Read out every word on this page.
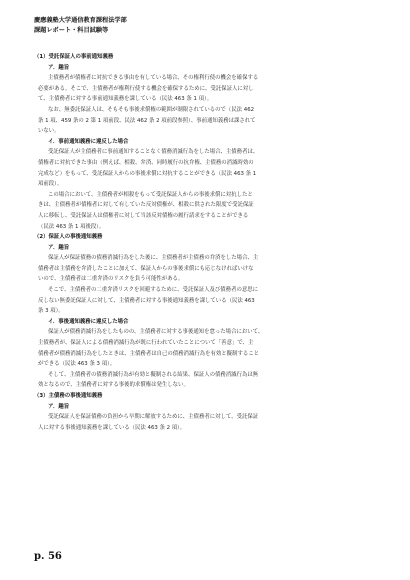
慶應義塾大学通信教育課程法学部
課題レポート・科目試験等
（1）受託保証人の事前通知義務
ア．趣旨
主債務者が債権者に対抗できる事由を有している場合、その権利行使の機会を確保する
必要がある。そこで、主債務者が権利行使する機会を確保するために、受託保証人に対し
て、主債務者に対する事前通知義務を課している（民法 463 条 1 項）。
なお、無委託保証人は、そもそも事後求償権の範囲が制限されているので（民法 462
条 1 項、459 条の 2 第 1 項前段、民法 462 条 2 項前段参照）、事前通知義務は課されて
いない。
イ．事前通知義務に違反した場合
受託保証人が主債務者に事前通知することなく債務消滅行為をした場合、主債務者は、
債権者に対抗できた事由（例えば、相殺、弁済、同時履行の抗弁権、主債務の消滅時効の
完成など）をもって、受託保証人からの事後求償に対抗することができる（民法 463 条 1
項前段）。
この場合において、主債務者が相殺をもって受託保証人からの事後求償に対抗したと
きは、主債務者が債権者に対して有していた反対債権が、相殺に供された限度で受託保証
人に移転し、受託保証人は債権者に対して当該反対債権の履行請求をすることができる
（民法 463 条 1 項後段）。
（2）保証人の事後通知義務
ア．趣旨
保証人が保証債務の債務消滅行為をした後に、主債務者が主債務の弁済をした場合、主
債務者は主債務を弁済したことに加えて、保証人からの事後求償にも応じなければいけな
いので、主債務者は二重弁済のリスクを負う可能性がある。
そこで、主債務者の二重弁済リスクを回避するために、受託保証人及び債務者の意思に
反しない無委託保証人に対して、主債務者に対する事後通知義務を課している（民法 463
条 3 項）。
イ．事後通知義務に違反した場合
保証人が債務消滅行為をしたものの、主債務者に対する事後通知を怠った場合において、
主債務者が、保証人による債務消滅行為が既に行われていたことについて「善意」で、主
債務者が債務消滅行為をしたときは、主債務者は自己の債務消滅行為を有効と擬制すること
ができる（民法 463 条 3 項）。
そして、主債務者の債務消滅行為が有効と擬制される結果、保証人の債務消滅行為は無
効となるので、主債務者に対する事後的求償権は発生しない。
（3）主債務の事後通知義務
ア．趣旨
受託保証人を保証債務の負担から早期に解放するために、主債務者に対して、受託保証
人に対する事後通知義務を課している（民法 463 条 2 項）。
p. 56
